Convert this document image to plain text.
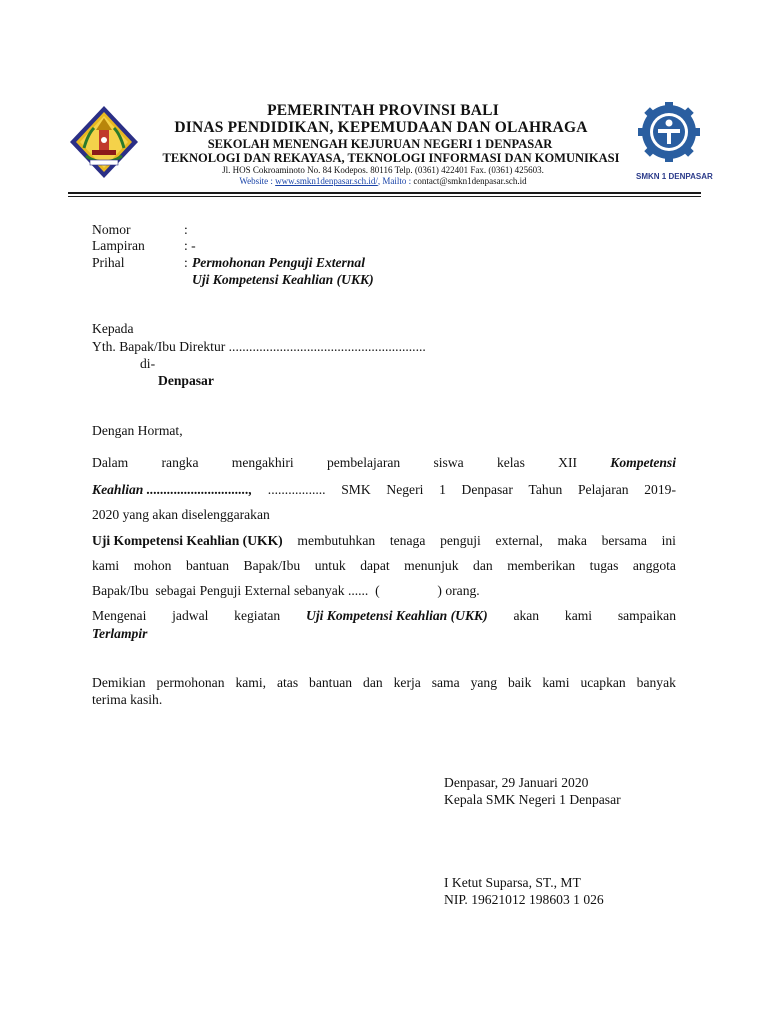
SMKN 1 DENPASAR
PEMERINTAH PROVINSI BALI
DINAS PENDIDIKAN, KEPEMUDAAN DAN OLAHRAGA
SEKOLAH MENENGAH KEJURUAN NEGERI 1 DENPASAR
TEKNOLOGI DAN REKAYASA, TEKNOLOGI INFORMASI DAN KOMUNIKASI
Jl. HOS Cokroaminoto No. 84 Kodepos. 80116 Telp. (0361) 422401 Fax. (0361) 425603.
Website : www.smkn1denpasar.sch.id/, Mailto : contact@smkn1denpasar.sch.id
Nomor	:
Lampiran	: -
Prihal	: Permohonan Penguji External
Uji Kompetensi Keahlian (UKK)
Kepada
Yth. Bapak/Ibu Direktur ..........................................................
di-
Denpasar
Dengan Hormat,
Dalam rangka mengakhiri pembelajaran siswa kelas XII Kompetensi
Keahlian .............................., ................. SMK Negeri 1 Denpasar Tahun Pelajaran 2019-
2020 yang akan diselenggarakan
Uji Kompetensi Keahlian (UKK) membutuhkan tenaga penguji external, maka bersama ini
kami mohon bantuan Bapak/Ibu untuk dapat menunjuk dan memberikan tugas anggota
Bapak/Ibu  sebagai Penguji External sebanyak ......  (                 ) orang.
Mengenai jadwal kegiatan Uji Kompetensi Keahlian (UKK) akan kami sampaikan
Terlampir
Demikian permohonan kami, atas bantuan dan kerja sama yang baik kami ucapkan banyak
terima kasih.
Denpasar, 29 Januari 2020
Kepala SMK Negeri 1 Denpasar
I Ketut Suparsa, ST., MT
NIP. 19621012 198603 1 026
